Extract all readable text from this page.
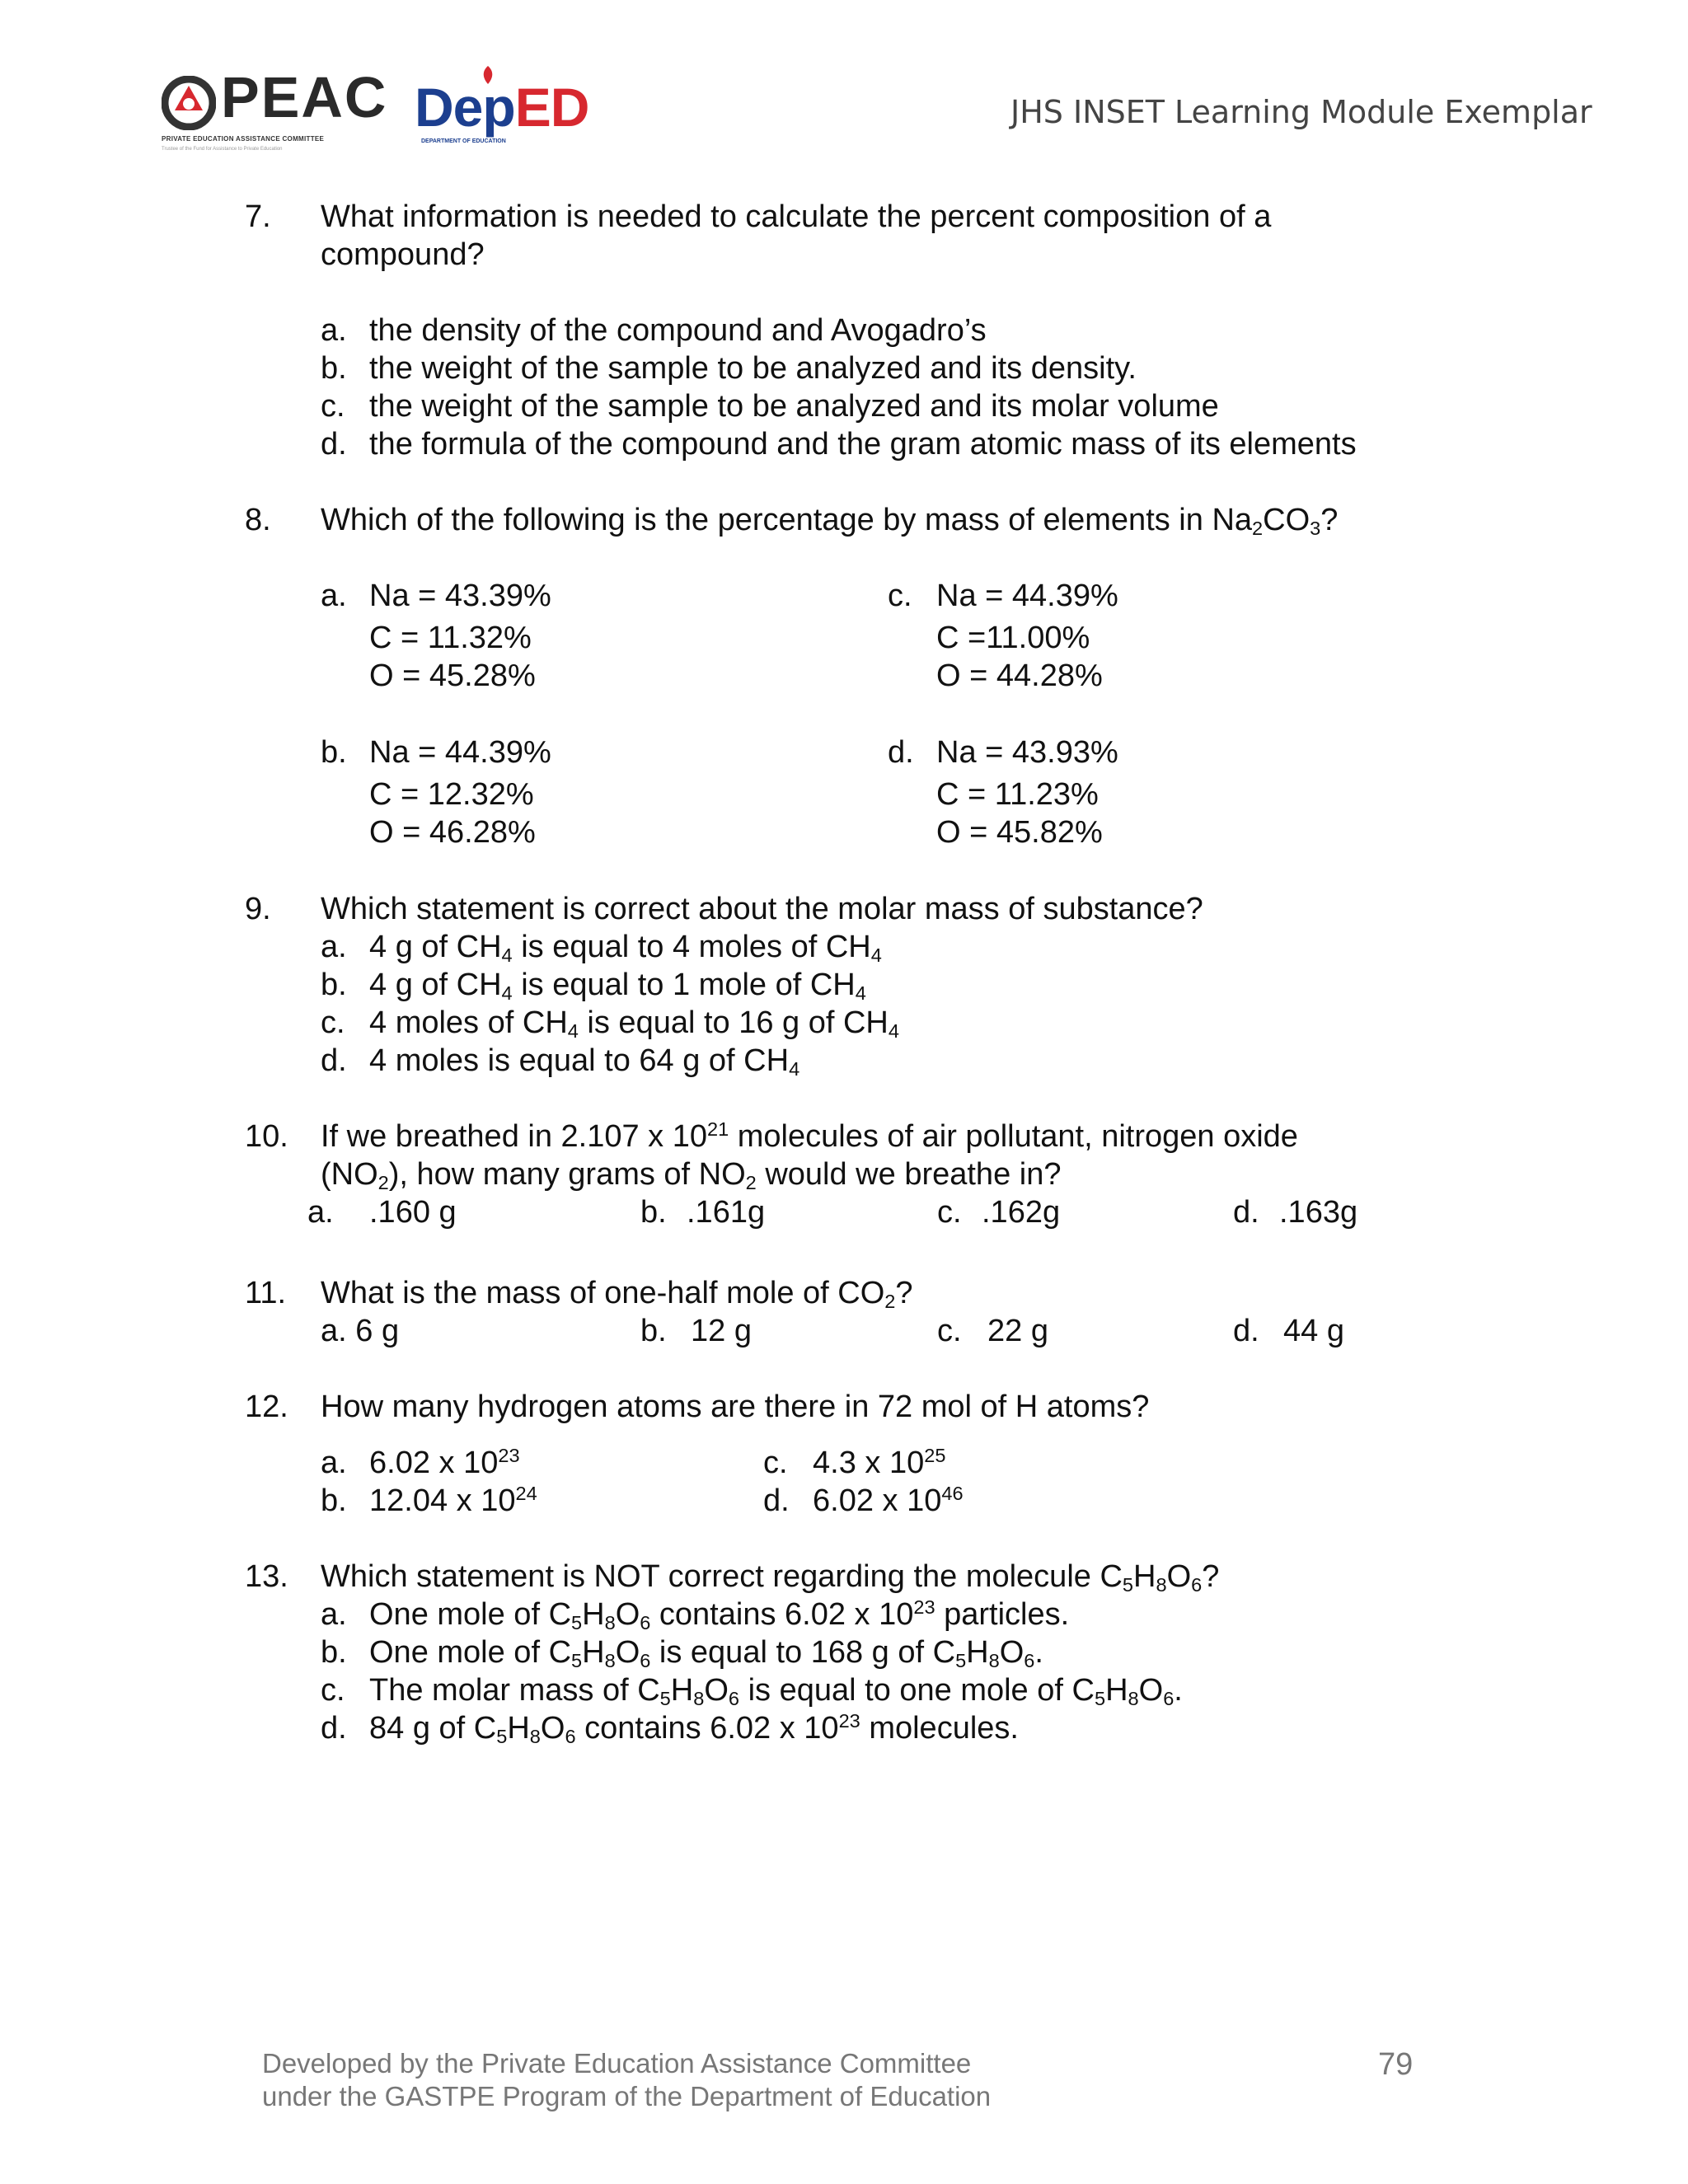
PEAC
PRIVATE EDUCATION ASSISTANCE COMMITTEE
Trustee of the Fund for Assistance to Private Education
DepED
DEPARTMENT OF EDUCATION
JHS INSET Learning Module Exemplar
7. What information is needed to calculate the percent composition of a
compound?
a. the density of the compound and Avogadro’s
b. the weight of the sample to be analyzed and its density.
c. the weight of the sample to be analyzed and its molar volume
d. the formula of the compound and the gram atomic mass of its elements
8. Which of the following is the percentage by mass of elements in $Na_2CO_3$?
a. Na = 43.39%
C = 11.32%
O = 45.28%
c. Na = 44.39%
C =11.00%
O = 44.28%
b. Na = 44.39%
C = 12.32%
O = 46.28%
d. Na = 43.93%
C = 11.23%
O = 45.82%
9. Which statement is correct about the molar mass of substance?
a. 4 g of $CH_4$ is equal to 4 moles of $CH_4$
b. 4 g of $CH_4$ is equal to 1 mole of $CH_4$
c. 4 moles of $CH_4$ is equal to 16 g of $CH_4$
d. 4 moles is equal to 64 g of $CH_4$
10. If we breathed in 2.107 x $10^{21}$ molecules of air pollutant, nitrogen oxide
$(NO_2)$, how many grams of $NO_2$ would we breathe in?
a. .160 g	b. .161g	c. .162g	d. .163g
11. What is the mass of one-half mole of $CO_2$?
a. 6 g	b. 12 g	c. 22 g	d. 44 g
12. How many hydrogen atoms are there in 72 mol of H atoms?
a. 6.02 x $10^{23}$
b. 12.04 x $10^{24}$
c. 4.3 x $10^{25}$
d. 6.02 x $10^{46}$
13. Which statement is NOT correct regarding the molecule $C_5H_8O_6$?
a. One mole of $C_5H_8O_6$ contains 6.02 x $10^{23}$ particles.
b. One mole of $C_5H_8O_6$ is equal to 168 g of $C_5H_8O_6$.
c. The molar mass of $C_5H_8O_6$ is equal to one mole of $C_5H_8O_6$.
d. 84 g of $C_5H_8O_6$ contains 6.02 x $10^{23}$ molecules.
Developed by the Private Education Assistance Committee
under the GASTPE Program of the Department of Education
79
